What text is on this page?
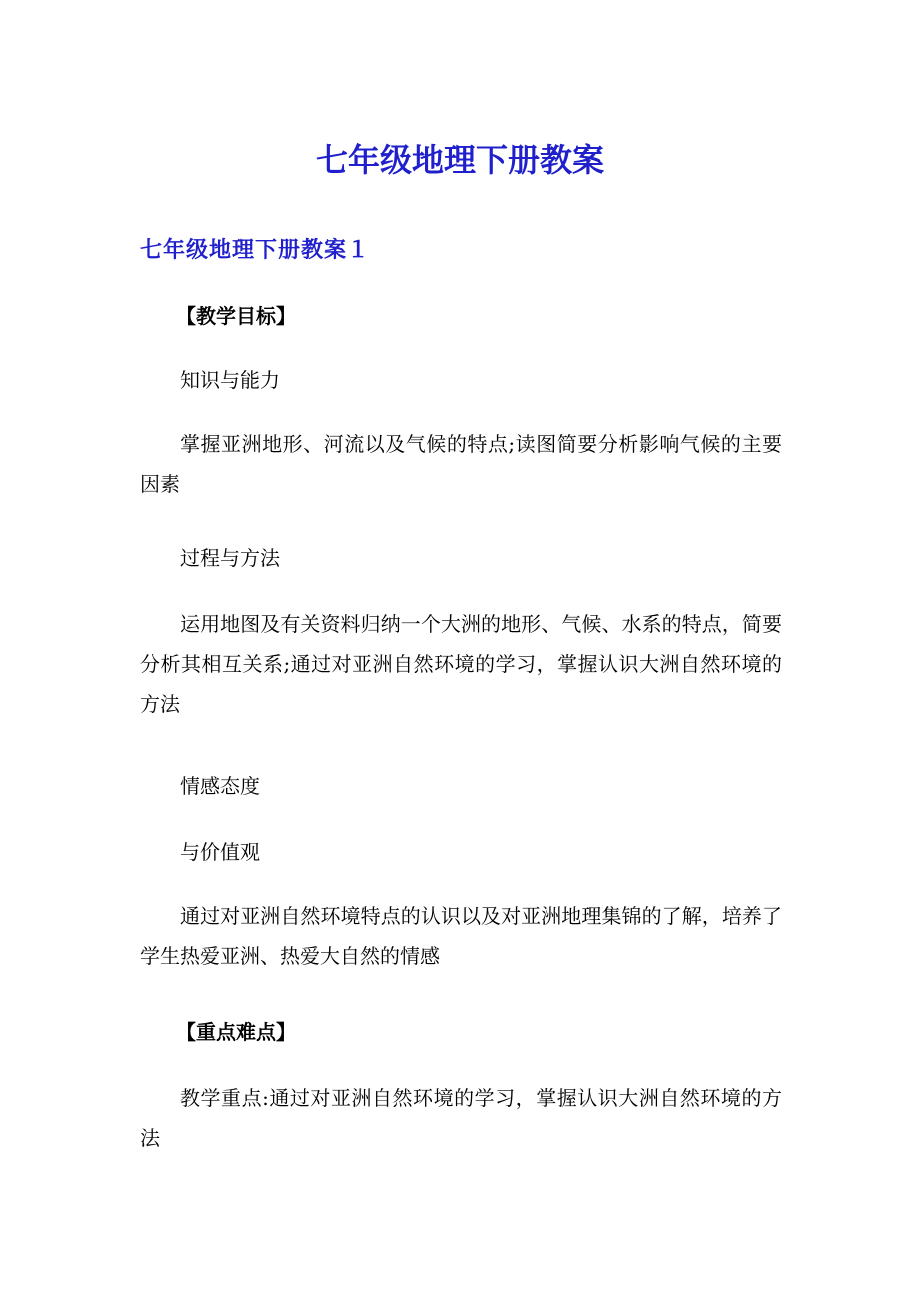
七年级地理下册教案
七年级地理下册教案１

【教学目标】

知识与能力

掌握亚洲地形、河流以及气候的特点;读图简要分析影响气候的主要因素

过程与方法

运用地图及有关资料归纳一个大洲的地形、气候、水系的特点，简要分析其相互关系;通过对亚洲自然环境的学习，掌握认识大洲自然环境的方法

情感态度

与价值观

通过对亚洲自然环境特点的认识以及对亚洲地理集锦的了解，培养了学生热爱亚洲、热爱大自然的情感

【重点难点】

教学重点:通过对亚洲自然环境的学习，掌握认识大洲自然环境的方法
